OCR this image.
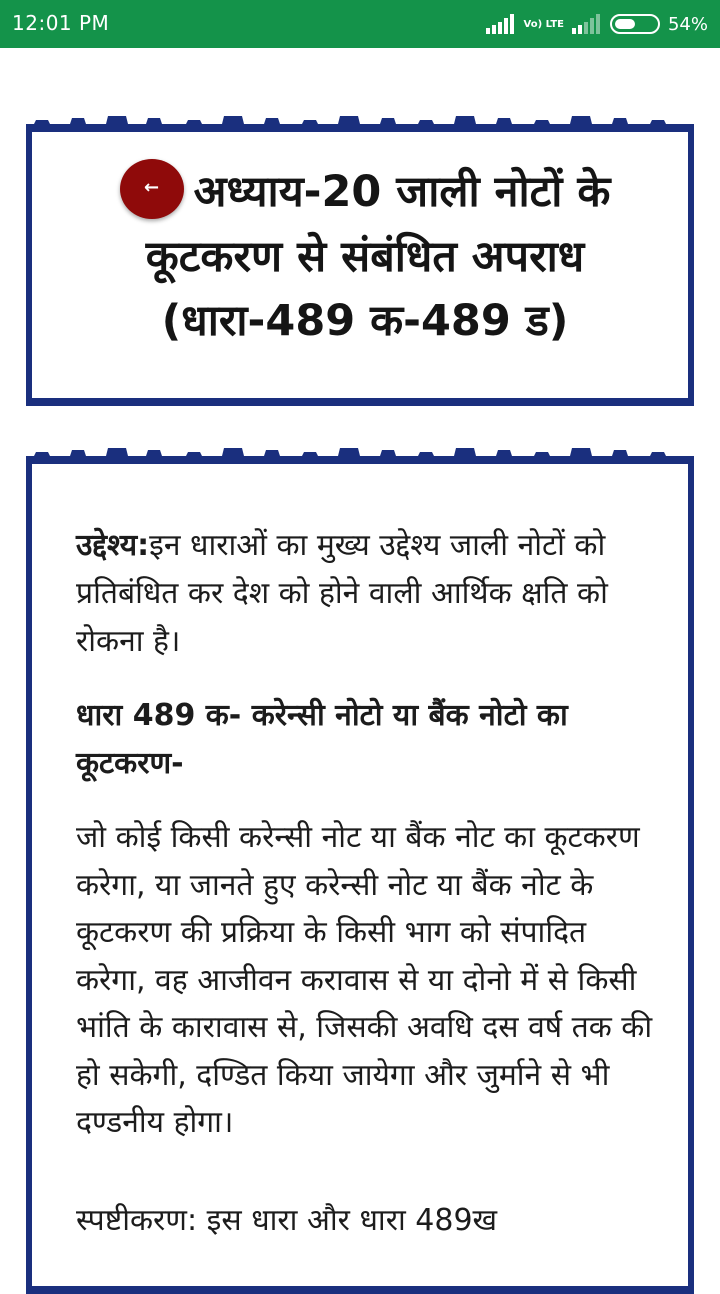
12:01 PM	Vo) LTE	54%
← अध्याय-20 जाली नोटों के कूटकरण से संबंधित अपराध (धारा-489 क-489 ड)

उद्देश्य:इन धाराओं का मुख्य उद्देश्य जाली नोटों को प्रतिबंधित कर देश को होने वाली आर्थिक क्षति को रोकना है।

धारा 489 क- करेन्सी नोटो या बैंक नोटो का कूटकरण-

जो कोई किसी करेन्सी नोट या बैंक नोट का कूटकरण करेगा, या जानते हुए करेन्सी नोट या बैंक नोट के कूटकरण की प्रक्रिया के किसी भाग को संपादित करेगा, वह आजीवन करावास से या दोनो में से किसी भांति के कारावास से, जिसकी अवधि दस वर्ष तक की हो सकेगी, दण्डित किया जायेगा और जुर्माने से भी दण्डनीय होगा।

स्पष्टीकरण: इस धारा और धारा 489ख
